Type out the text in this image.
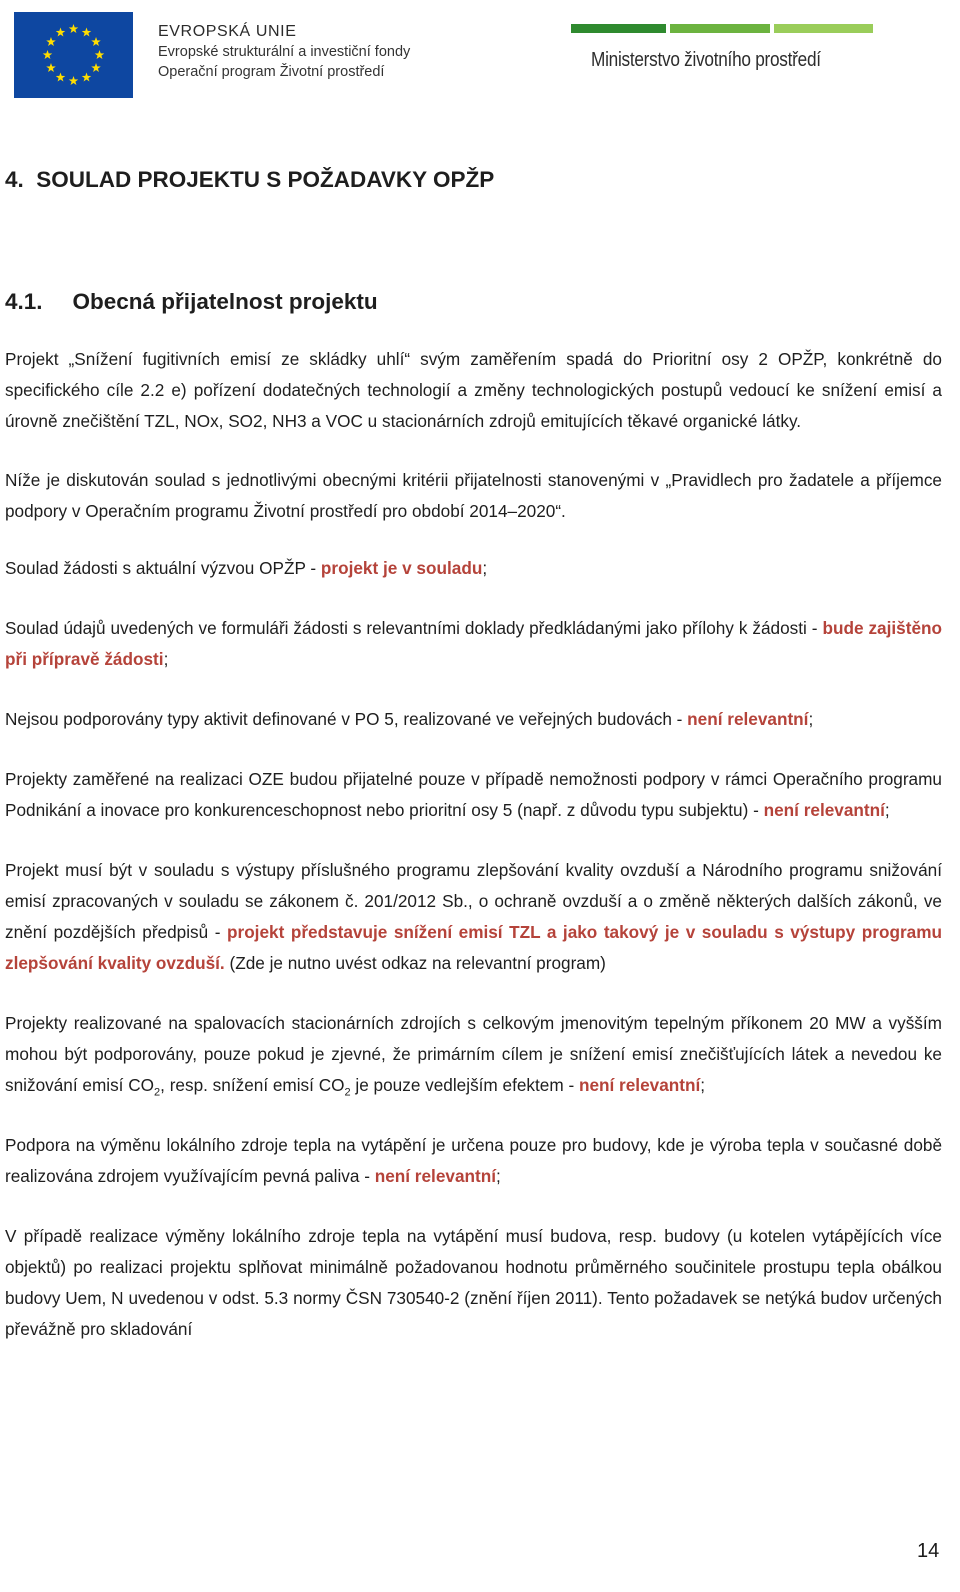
EVROPSKÁ UNIE
Evropské strukturální a investiční fondy
Operační program Životní prostředí
Ministerstvo životního prostředí
4.  SOULAD PROJEKTU S POŽADAVKY OPŽP
4.1. Obecná přijatelnost projektu

Projekt „Snížení fugitivních emisí ze skládky uhlí“ svým zaměřením spadá do Prioritní osy 2 OPŽP, konkrétně do specifického cíle 2.2 e) pořízení dodatečných technologií a změny technologických postupů vedoucí ke snížení emisí a úrovně znečištění TZL, NOx, SO2, NH3 a VOC u stacionárních zdrojů emitujících těkavé organické látky.

Níže je diskutován soulad s jednotlivými obecnými kritérii přijatelnosti stanovenými v „Pravidlech pro žadatele a příjemce podpory v Operačním programu Životní prostředí pro období 2014–2020“.

Soulad žádosti s aktuální výzvou OPŽP - projekt je v souladu;

Soulad údajů uvedených ve formuláři žádosti s relevantními doklady předkládanými jako přílohy k žádosti - bude zajištěno při přípravě žádosti;

Nejsou podporovány typy aktivit definované v PO 5, realizované ve veřejných budovách - není relevantní;

Projekty zaměřené na realizaci OZE budou přijatelné pouze v případě nemožnosti podpory v rámci Operačního programu Podnikání a inovace pro konkurenceschopnost nebo prioritní osy 5 (např. z důvodu typu subjektu) - není relevantní;

Projekt musí být v souladu s výstupy příslušného programu zlepšování kvality ovzduší a Národního programu snižování emisí zpracovaných v souladu se zákonem č. 201/2012 Sb., o ochraně ovzduší a o změně některých dalších zákonů, ve znění pozdějších předpisů - projekt představuje snížení emisí TZL a jako takový je v souladu s výstupy programu zlepšování kvality ovzduší. (Zde je nutno uvést odkaz na relevantní program)

Projekty realizované na spalovacích stacionárních zdrojích s celkovým jmenovitým tepelným příkonem 20 MW a vyšším mohou být podporovány, pouze pokud je zjevné, že primárním cílem je snížení emisí znečišťujících látek a nevedou ke snižování emisí $CO_2$, resp. snížení emisí $CO_2$ je pouze vedlejším efektem - není relevantní;

Podpora na výměnu lokálního zdroje tepla na vytápění je určena pouze pro budovy, kde je výroba tepla v současné době realizována zdrojem využívajícím pevná paliva - není relevantní;

V případě realizace výměny lokálního zdroje tepla na vytápění musí budova, resp. budovy (u kotelen vytápějících více objektů) po realizaci projektu splňovat minimálně požadovanou hodnotu průměrného součinitele prostupu tepla obálkou budovy Uem, N uvedenou v odst. 5.3 normy ČSN 730540-2 (znění říjen 2011). Tento požadavek se netýká budov určených převážně pro skladování

14
